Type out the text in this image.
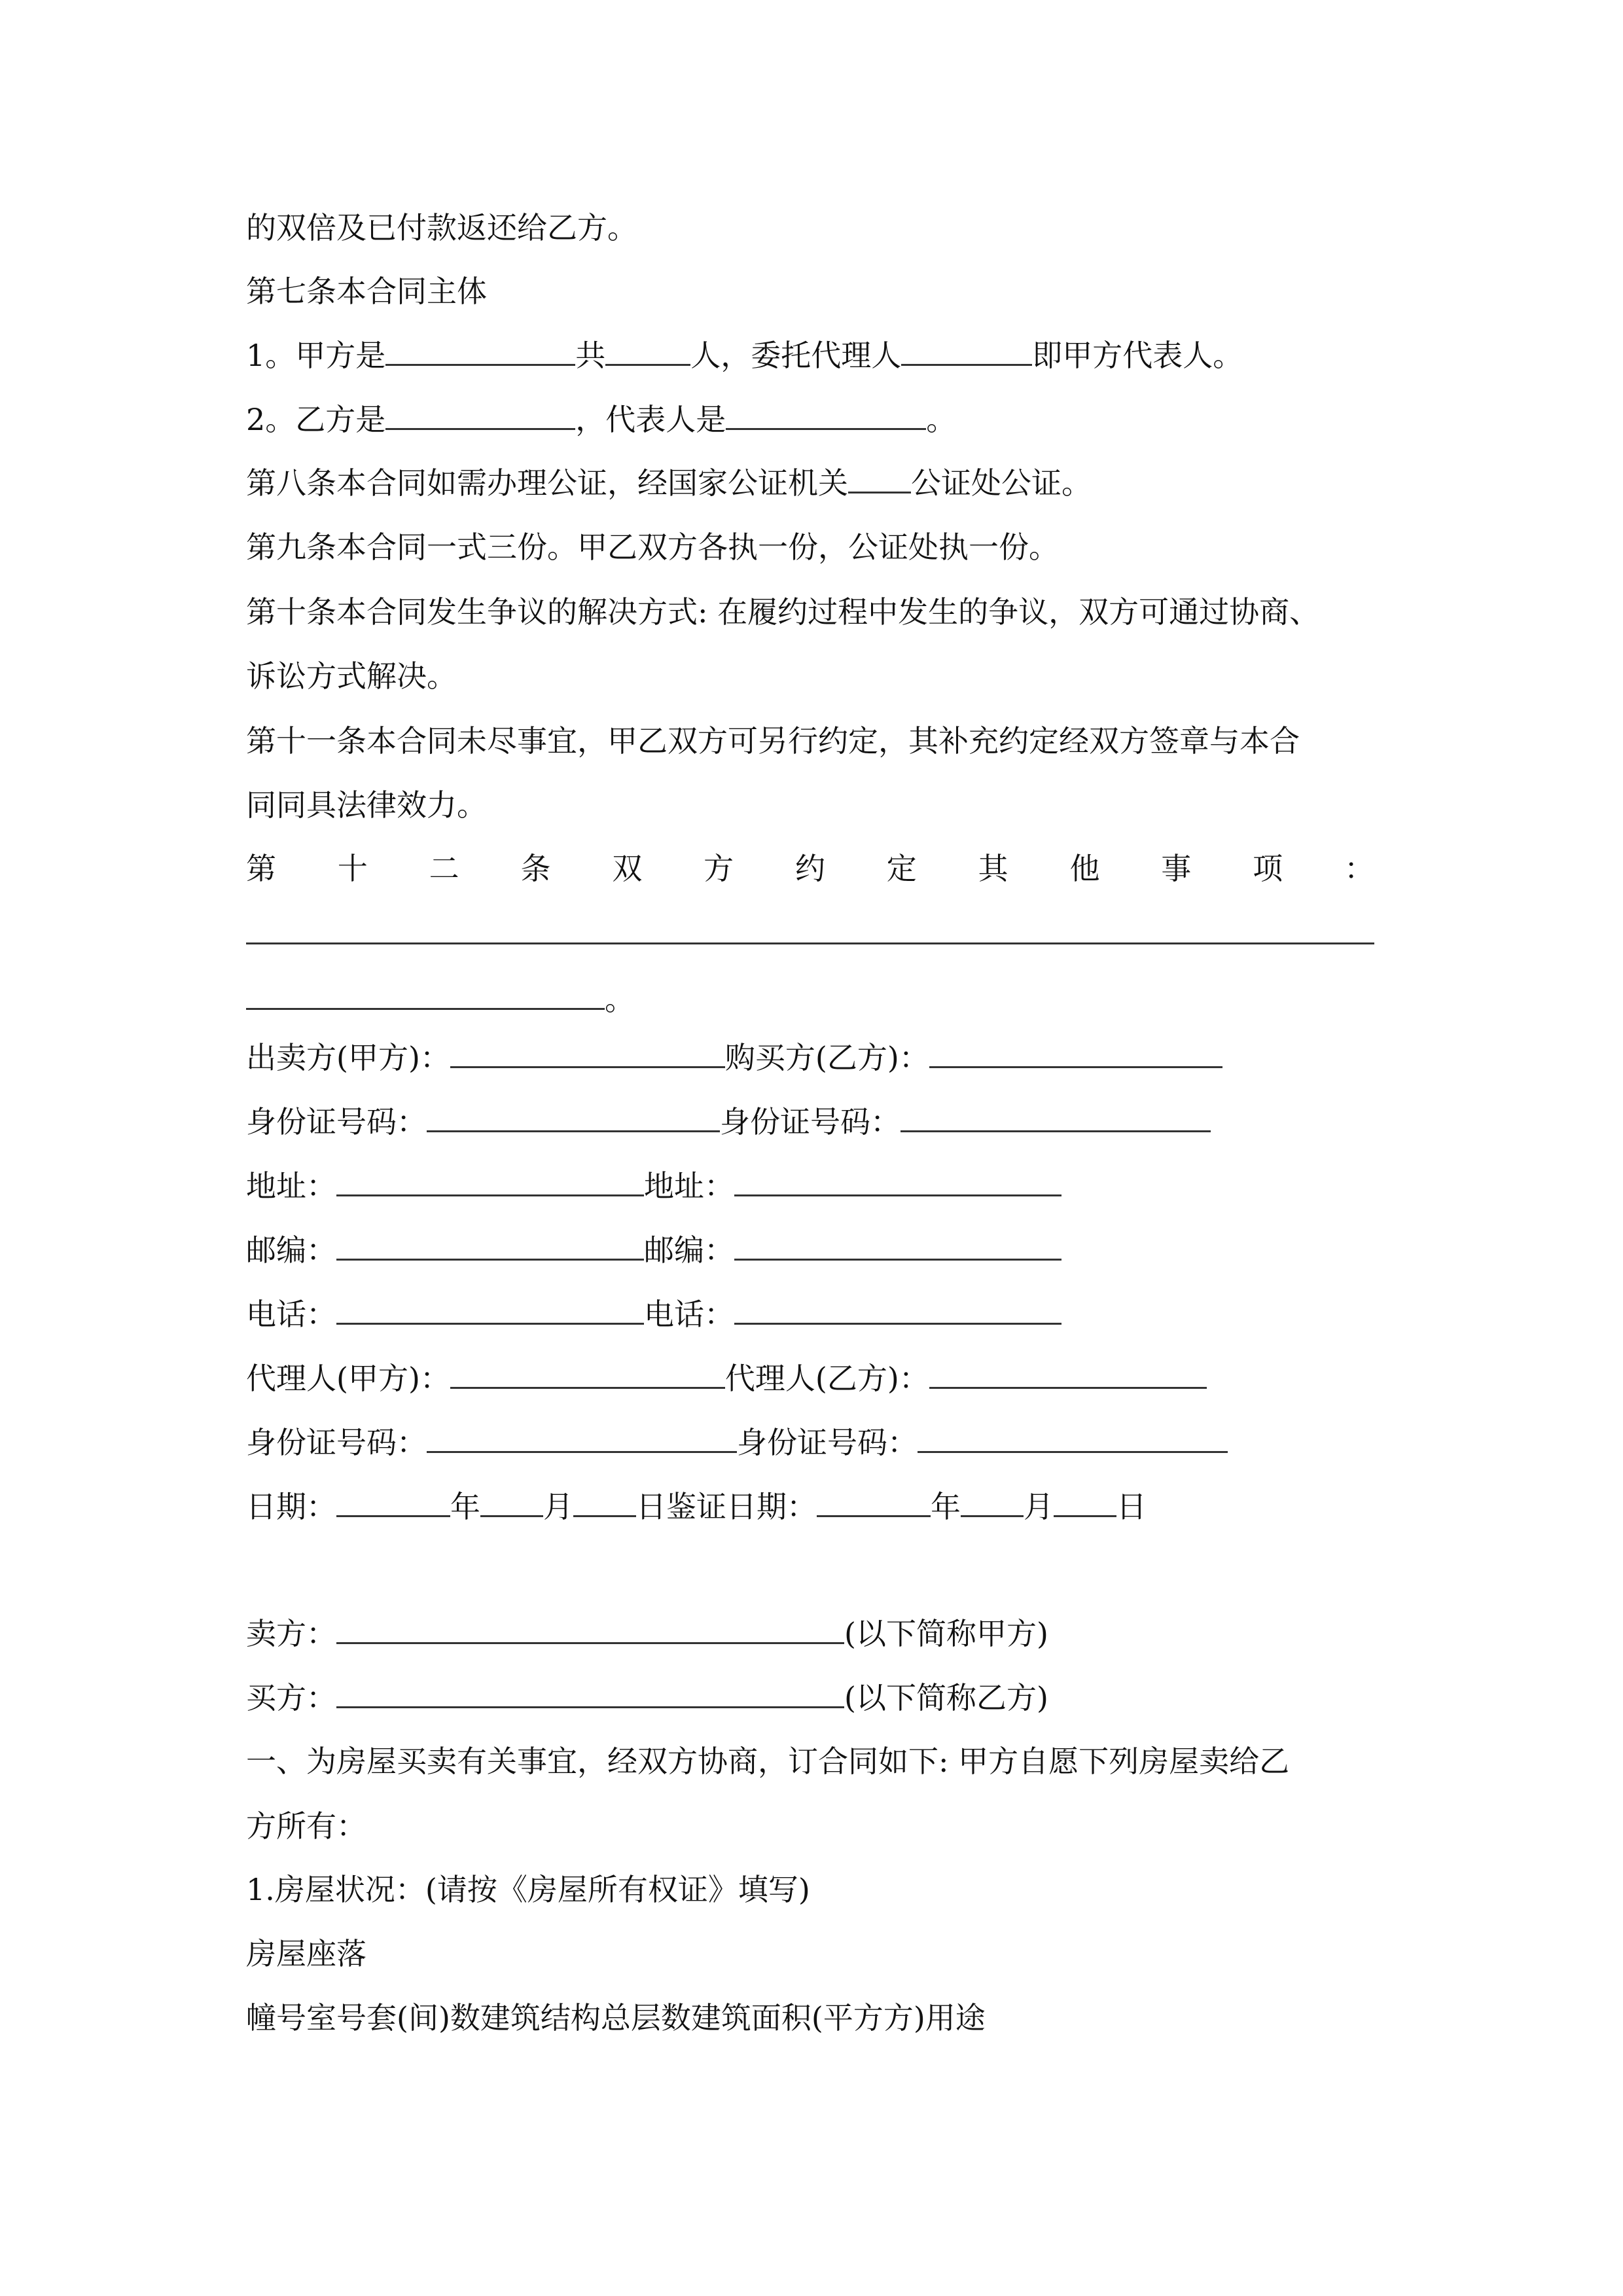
的双倍及已付款返还给乙方。
第七条本合同主体
1。甲方是	共	人，委托代理人	即甲方代表人。
2。乙方是	，代表人是	。
第八条本合同如需办理公证，经国家公证机关 公证处公证。
第九条本合同一式三份。甲乙双方各执一份，公证处执一份。
第十条本合同发生争议的解决方式: 在履约过程中发生的争议，双方可通过协商、
诉讼方式解决。
第十一条本合同未尽事宜，甲乙双方可另行约定，其补充约定经双方签章与本合
同同具法律效力。
第 十 二 条 双 方 约 定 其 他 事 项 ：
。
出卖方(甲方)：	购买方(乙方)：
身份证号码：	身份证号码：
地址：	地址：
邮编：	邮编：
电话：	电话：
代理人(甲方)：	代理人(乙方)：
身份证号码：	身份证号码：
日期：	年 月 日鉴证日期：	年 月 日
卖方：	(以下简称甲方)
买方：	(以下简称乙方)
一、为房屋买卖有关事宜，经双方协商，订合同如下: 甲方自愿下列房屋卖给乙
方所有：
1.房屋状况：(请按《房屋所有权证》填写)
房屋座落
幢号室号套(间)数建筑结构总层数建筑面积(平方方)用途
